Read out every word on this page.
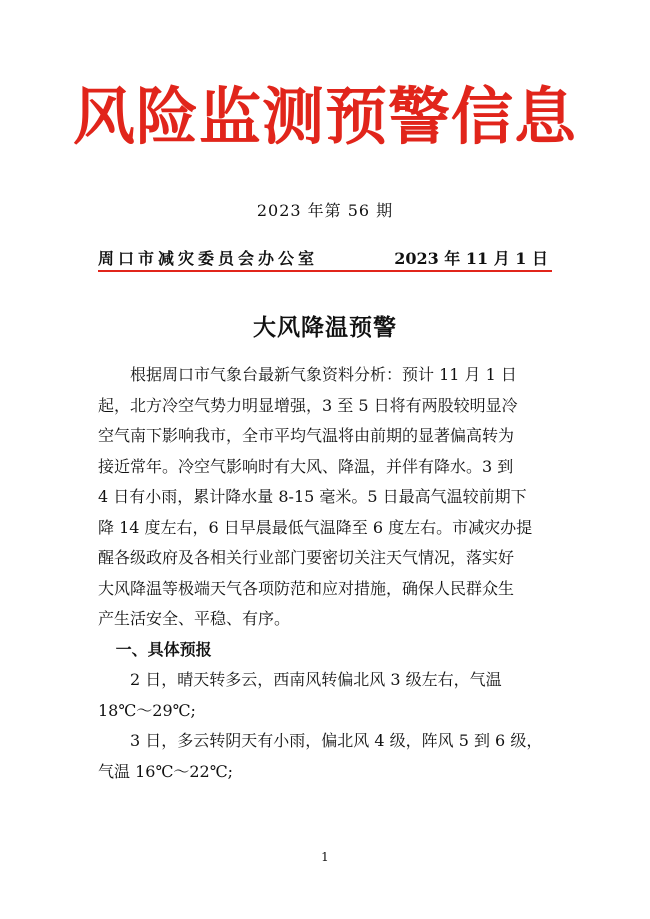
风险监测预警信息
2023 年第 56 期
周口市减灾委员会办公室	2023 年 11 月 1 日
大风降温预警

根据周口市气象台最新气象资料分析：预计 11 月 1 日

起，北方冷空气势力明显增强，3 至 5 日将有两股较明显冷

空气南下影响我市，全市平均气温将由前期的显著偏高转为

接近常年。冷空气影响时有大风、降温，并伴有降水。3 到

4 日有小雨，累计降水量 8-15 毫米。5 日最高气温较前期下

降 14 度左右，6 日早晨最低气温降至 6 度左右。市减灾办提

醒各级政府及各相关行业部门要密切关注天气情况，落实好

大风降温等极端天气各项防范和应对措施，确保人民群众生

产生活安全、平稳、有序。

一、具体预报

2 日，晴天转多云，西南风转偏北风 3 级左右，气温

18℃～29℃;

3 日，多云转阴天有小雨，偏北风 4 级，阵风 5 到 6 级，

气温 16℃～22℃;

1
